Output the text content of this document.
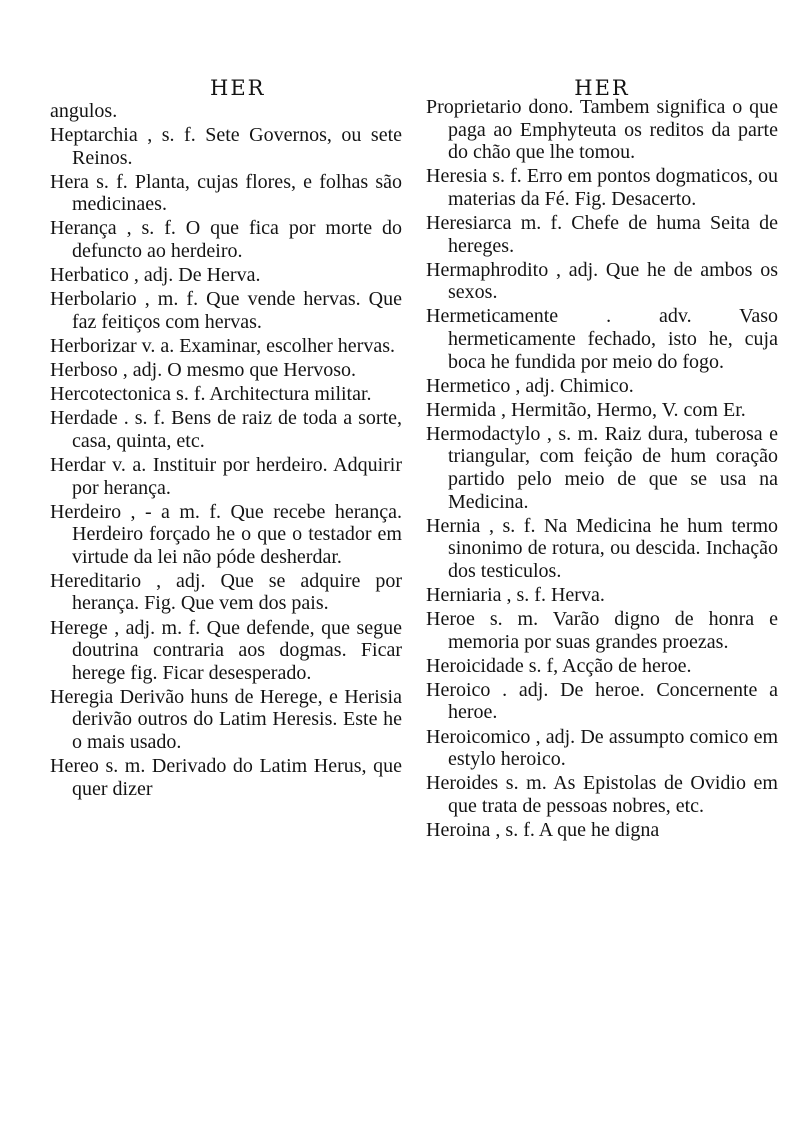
HER

angulos.

Heptarchia , s. f. Sete Governos, ou sete Reinos.

Hera s. f. Planta, cujas flores, e folhas são medicinaes.

Herança , s. f. O que fica por morte do defuncto ao herdeiro.

Herbatico , adj. De Herva.

Herbolario , m. f. Que vende hervas. Que faz feitiços com hervas.

Herborizar v. a. Examinar, escolher hervas.

Herboso , adj. O mesmo que Hervoso.

Hercotectonica s. f. Architectura militar.

Herdade . s. f. Bens de raiz de toda a sorte, casa, quinta, etc.

Herdar v. a. Instituir por herdeiro. Adquirir por herança.

Herdeiro , - a m. f. Que recebe herança. Herdeiro forçado he o que o testador em virtude da lei não póde desherdar.

Hereditario , adj. Que se adquire por herança. Fig. Que vem dos pais.

Herege , adj. m. f. Que defende, que segue doutrina contraria aos dogmas. Ficar herege fig. Ficar desesperado.

Heregia Derivão huns de Herege, e Herisia derivão outros do Latim Heresis. Este he o mais usado.

Hereo s. m. Derivado do Latim Herus, que quer dizer

HER

Proprietario dono. Tambem significa o que paga ao Emphyteuta os reditos da parte do chão que lhe tomou.

Heresia s. f. Erro em pontos dogmaticos, ou materias da Fé. Fig. Desacerto.

Heresiarca m. f. Chefe de huma Seita de hereges.

Hermaphrodito , adj. Que he de ambos os sexos.

Hermeticamente . adv. Vaso hermeticamente fechado, isto he, cuja boca he fundida por meio do fogo.

Hermetico , adj. Chimico.

Hermida , Hermitão, Hermo, V. com Er.

Hermodactylo , s. m. Raiz dura, tuberosa e triangular, com feição de hum coração partido pelo meio de que se usa na Medicina.

Hernia , s. f. Na Medicina he hum termo sinonimo de rotura, ou descida. Inchação dos testiculos.

Herniaria , s. f. Herva.

Heroe s. m. Varão digno de honra e memoria por suas grandes proezas.

Heroicidade s. f, Acção de heroe.

Heroico . adj. De heroe. Concernente a heroe.

Heroicomico , adj. De assumpto comico em estylo heroico.

Heroides s. m. As Epistolas de Ovidio em que trata de pessoas nobres, etc.

Heroina , s. f. A que he digna
